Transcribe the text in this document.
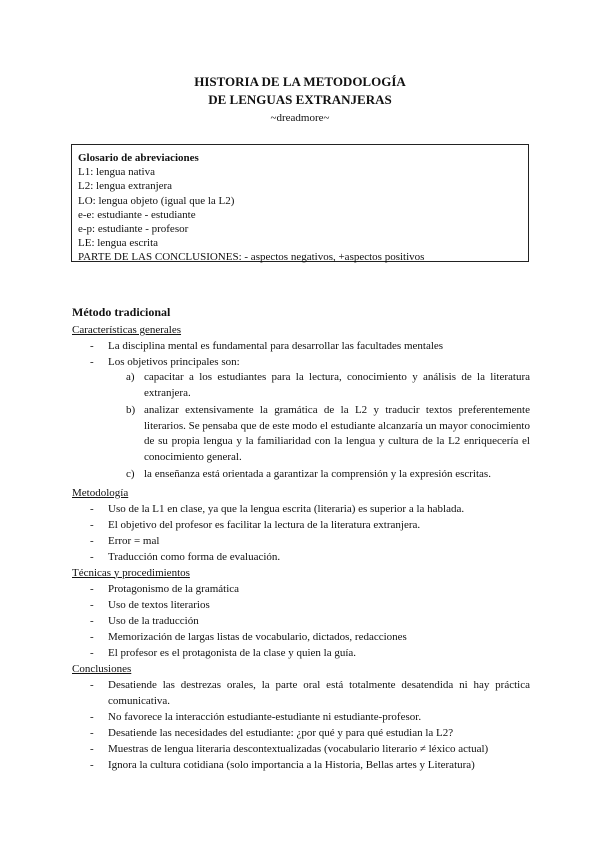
HISTORIA DE LA METODOLOGÍA
DE LENGUAS EXTRANJERAS
~dreadmore~
Glosario de abreviaciones
L1: lengua nativa
L2: lengua extranjera
LO: lengua objeto (igual que la L2)
e-e: estudiante - estudiante
e-p: estudiante - profesor
LE: lengua escrita
PARTE DE LAS CONCLUSIONES: - aspectos negativos, +aspectos positivos
Método tradicional
Características generales
- La disciplina mental es fundamental para desarrollar las facultades mentales
- Los objetivos principales son:
a) capacitar a los estudiantes para la lectura, conocimiento y análisis de la literatura extranjera.
b) analizar extensivamente la gramática de la L2 y traducir textos preferentemente literarios. Se pensaba que de este modo el estudiante alcanzaría un mayor conocimiento de su propia lengua y la familiaridad con la lengua y cultura de la L2 enriquecería el conocimiento general.
c) la enseñanza está orientada a garantizar la comprensión y la expresión escritas.
Metodología
- Uso de la L1 en clase, ya que la lengua escrita (literaria) es superior a la hablada.
- El objetivo del profesor es facilitar la lectura de la literatura extranjera.
- Error = mal
- Traducción como forma de evaluación.
Técnicas y procedimientos
- Protagonismo de la gramática
- Uso de textos literarios
- Uso de la traducción
- Memorización de largas listas de vocabulario, dictados, redacciones
- El profesor es el protagonista de la clase y quien la guía.
Conclusiones
- Desatiende las destrezas orales, la parte oral está totalmente desatendida ni hay práctica comunicativa.
- No favorece la interacción estudiante-estudiante ni estudiante-profesor.
- Desatiende las necesidades del estudiante: ¿por qué y para qué estudian la L2?
- Muestras de lengua literaria descontextualizadas (vocabulario literario ≠ léxico actual)
- Ignora la cultura cotidiana (solo importancia a la Historia, Bellas artes y Literatura)
